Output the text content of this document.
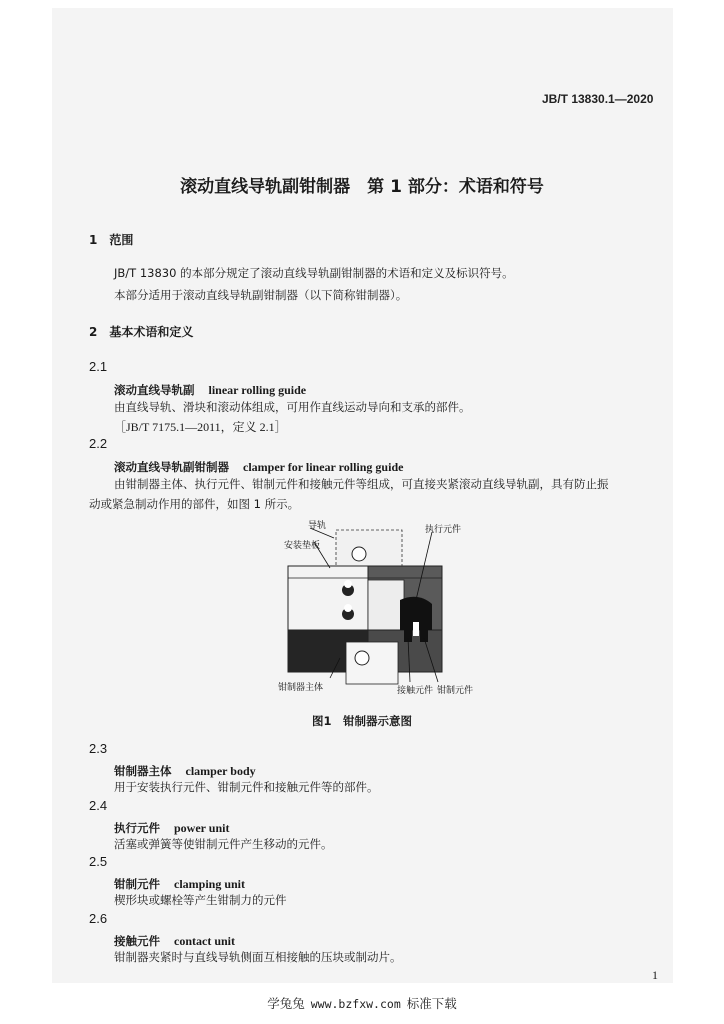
JB/T 13830.1—2020
滚动直线导轨副钳制器　第 1 部分：术语和符号
1 范围
JB/T 13830 的本部分规定了滚动直线导轨副钳制器的术语和定义及标识符号。
本部分适用于滚动直线导轨副钳制器（以下简称钳制器）。
2 基本术语和定义
2.1
滚动直线导轨副 linear rolling guide
由直线导轨、滑块和滚动体组成，可用作直线运动导向和支承的部件。
［JB/T 7175.1—2011，定义 2.1］
2.2
滚动直线导轨副钳制器 clamper for linear rolling guide
由钳制器主体、执行元件、钳制元件和接触元件等组成，可直接夹紧滚动直线导轨副，具有防止振
动或紧急制动作用的部件，如图 1 所示。
导轨
安装垫板
执行元件
钳制器主体	接触元件 钳制元件
图1　钳制器示意图
2.3
钳制器主体 clamper body
用于安装执行元件、钳制元件和接触元件等的部件。
2.4
执行元件 power unit
活塞或弹簧等使钳制元件产生移动的元件。
2.5
钳制元件 clamping unit
楔形块或螺栓等产生钳制力的元件
2.6
接触元件 contact unit
钳制器夹紧时与直线导轨侧面互相接触的压块或制动片。
1
学兔兔 www.bzfxw.com 标准下载
